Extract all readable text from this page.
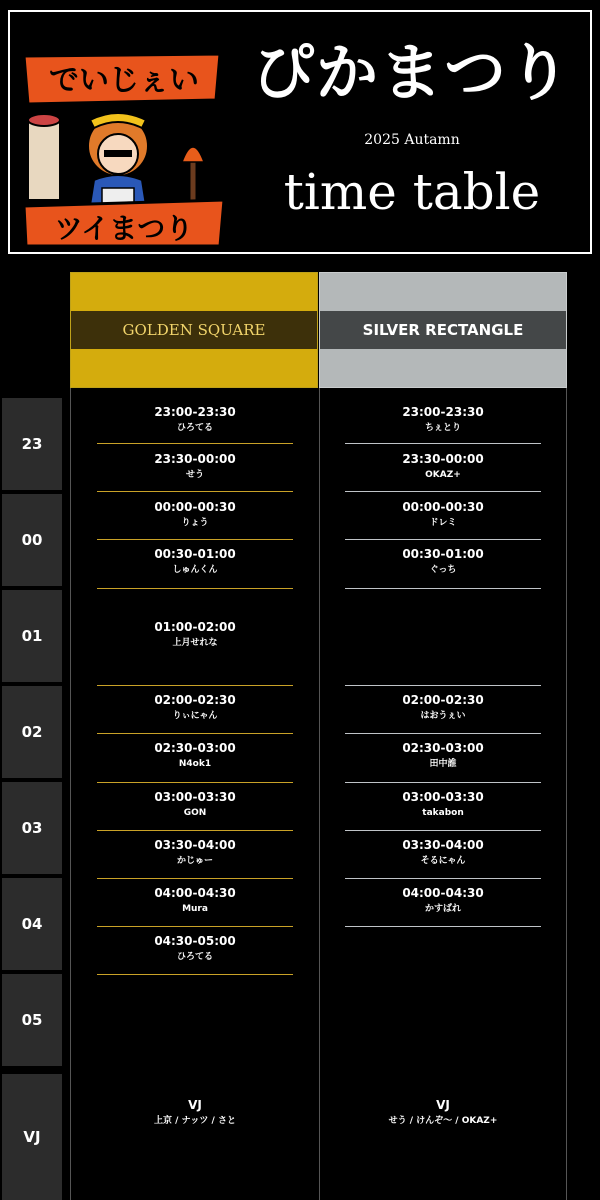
でいじぇい
ツイまつり
ぴかまつり
2025 Autamn
time table
GOLDEN SQUARE	SILVER RECTANGLE
23
00
01
02
03
04
05
VJ
23:00-23:30
ひろてる
23:30-00:00
せう
00:00-00:30
りょう
00:30-01:00
しゅんくん
01:00-02:00
上月せれな
02:00-02:30
りぃにゃん
02:30-03:00
N4ok1
03:00-03:30
GON
03:30-04:00
かじゅー
04:00-04:30
Mura
04:30-05:00
ひろてる
23:00-23:30
ちぇとり
23:30-00:00
OKAZ+
00:00-00:30
ドレミ
00:30-01:00
ぐっち
02:00-02:30
はおうぇい
02:30-03:00
田中誰
03:00-03:30
takabon
03:30-04:00
そるにゃん
04:00-04:30
かすばれ
VJ
上京 / ナッツ / さと
VJ
せう / けんぞ〜 / OKAZ+
